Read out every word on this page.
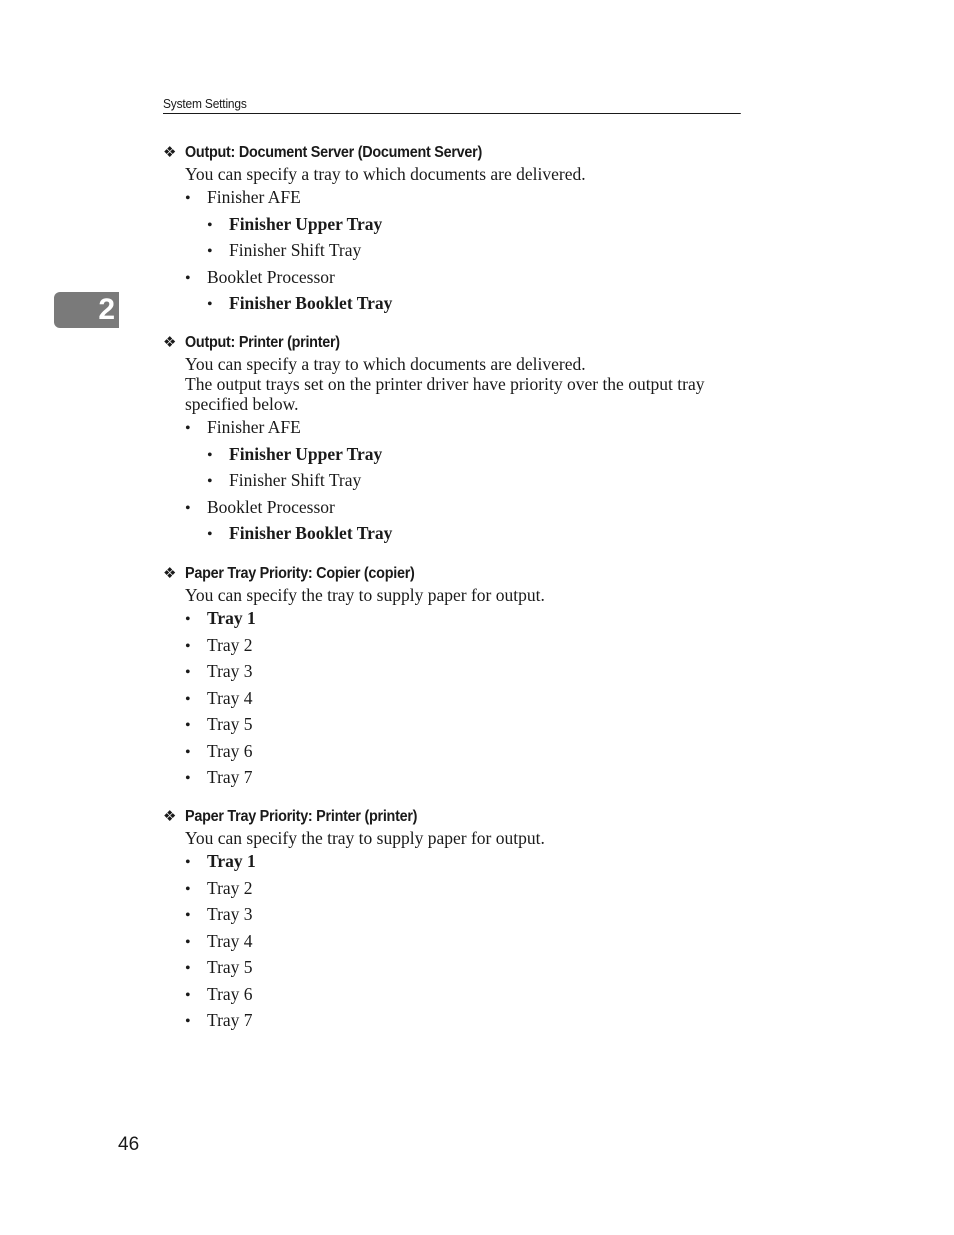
System Settings
2
❖ Output: Document Server (Document Server)
You can specify a tray to which documents are delivered.
• Finisher AFE
• Finisher Upper Tray
• Finisher Shift Tray
• Booklet Processor
• Finisher Booklet Tray
❖ Output: Printer (printer)
You can specify a tray to which documents are delivered.
The output trays set on the printer driver have priority over the output tray
specified below.
• Finisher AFE
• Finisher Upper Tray
• Finisher Shift Tray
• Booklet Processor
• Finisher Booklet Tray
❖ Paper Tray Priority: Copier (copier)
You can specify the tray to supply paper for output.
• Tray 1
• Tray 2
• Tray 3
• Tray 4
• Tray 5
• Tray 6
• Tray 7
❖ Paper Tray Priority: Printer (printer)
You can specify the tray to supply paper for output.
• Tray 1
• Tray 2
• Tray 3
• Tray 4
• Tray 5
• Tray 6
• Tray 7
46
